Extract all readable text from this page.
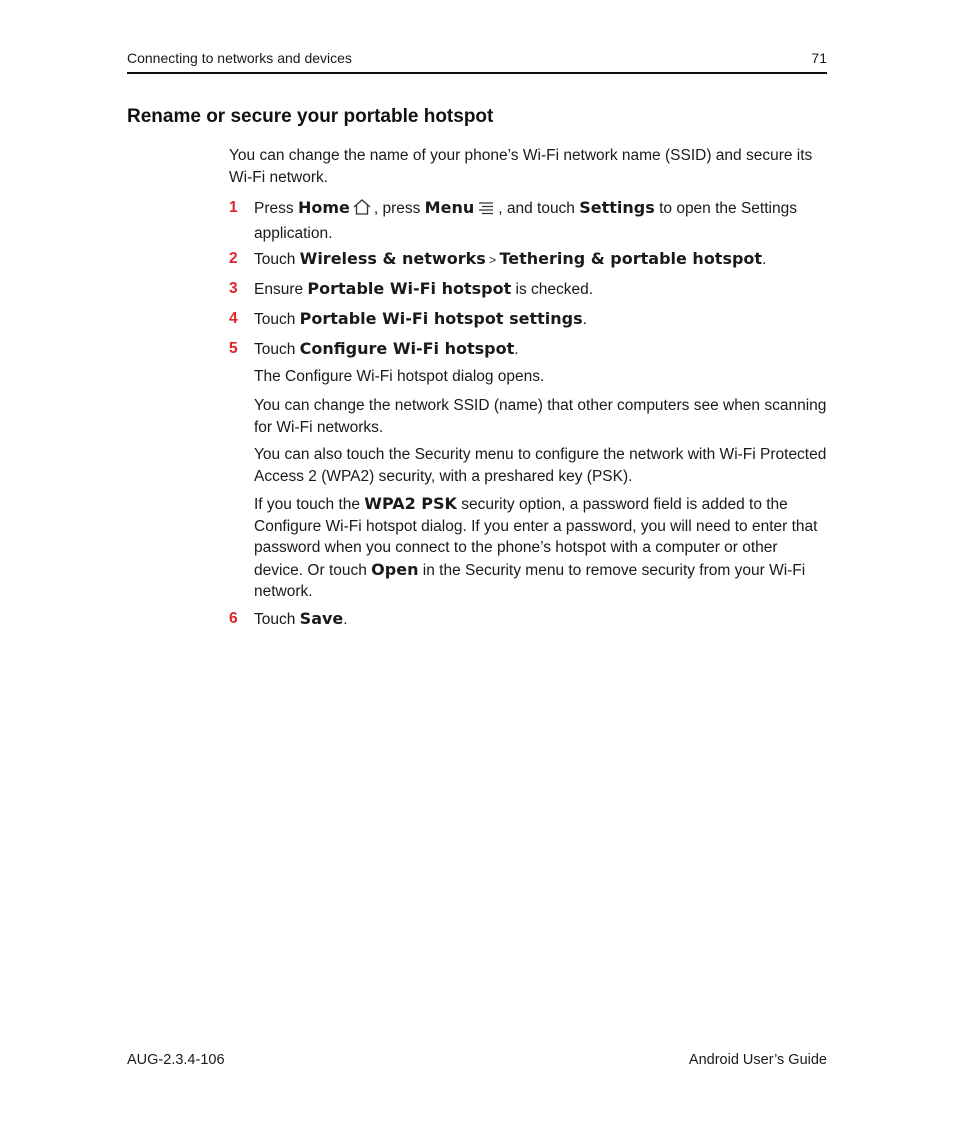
Connecting to networks and devices	71
Rename or secure your portable hotspot
You can change the name of your phone’s Wi-Fi network name (SSID) and secure its Wi-Fi network.
1 Press Home , press Menu , and touch Settings to open the Settings application.
2 Touch Wireless & networks > Tethering & portable hotspot.
3 Ensure Portable Wi-Fi hotspot is checked.
4 Touch Portable Wi-Fi hotspot settings.
5 Touch Configure Wi-Fi hotspot.
The Configure Wi-Fi hotspot dialog opens.
You can change the network SSID (name) that other computers see when scanning for Wi-Fi networks.
You can also touch the Security menu to configure the network with Wi-Fi Protected Access 2 (WPA2) security, with a preshared key (PSK).
If you touch the WPA2 PSK security option, a password field is added to the Configure Wi-Fi hotspot dialog. If you enter a password, you will need to enter that password when you connect to the phone’s hotspot with a computer or other device. Or touch Open in the Security menu to remove security from your Wi-Fi network.
6 Touch Save.
AUG-2.3.4-106	Android User’s Guide
